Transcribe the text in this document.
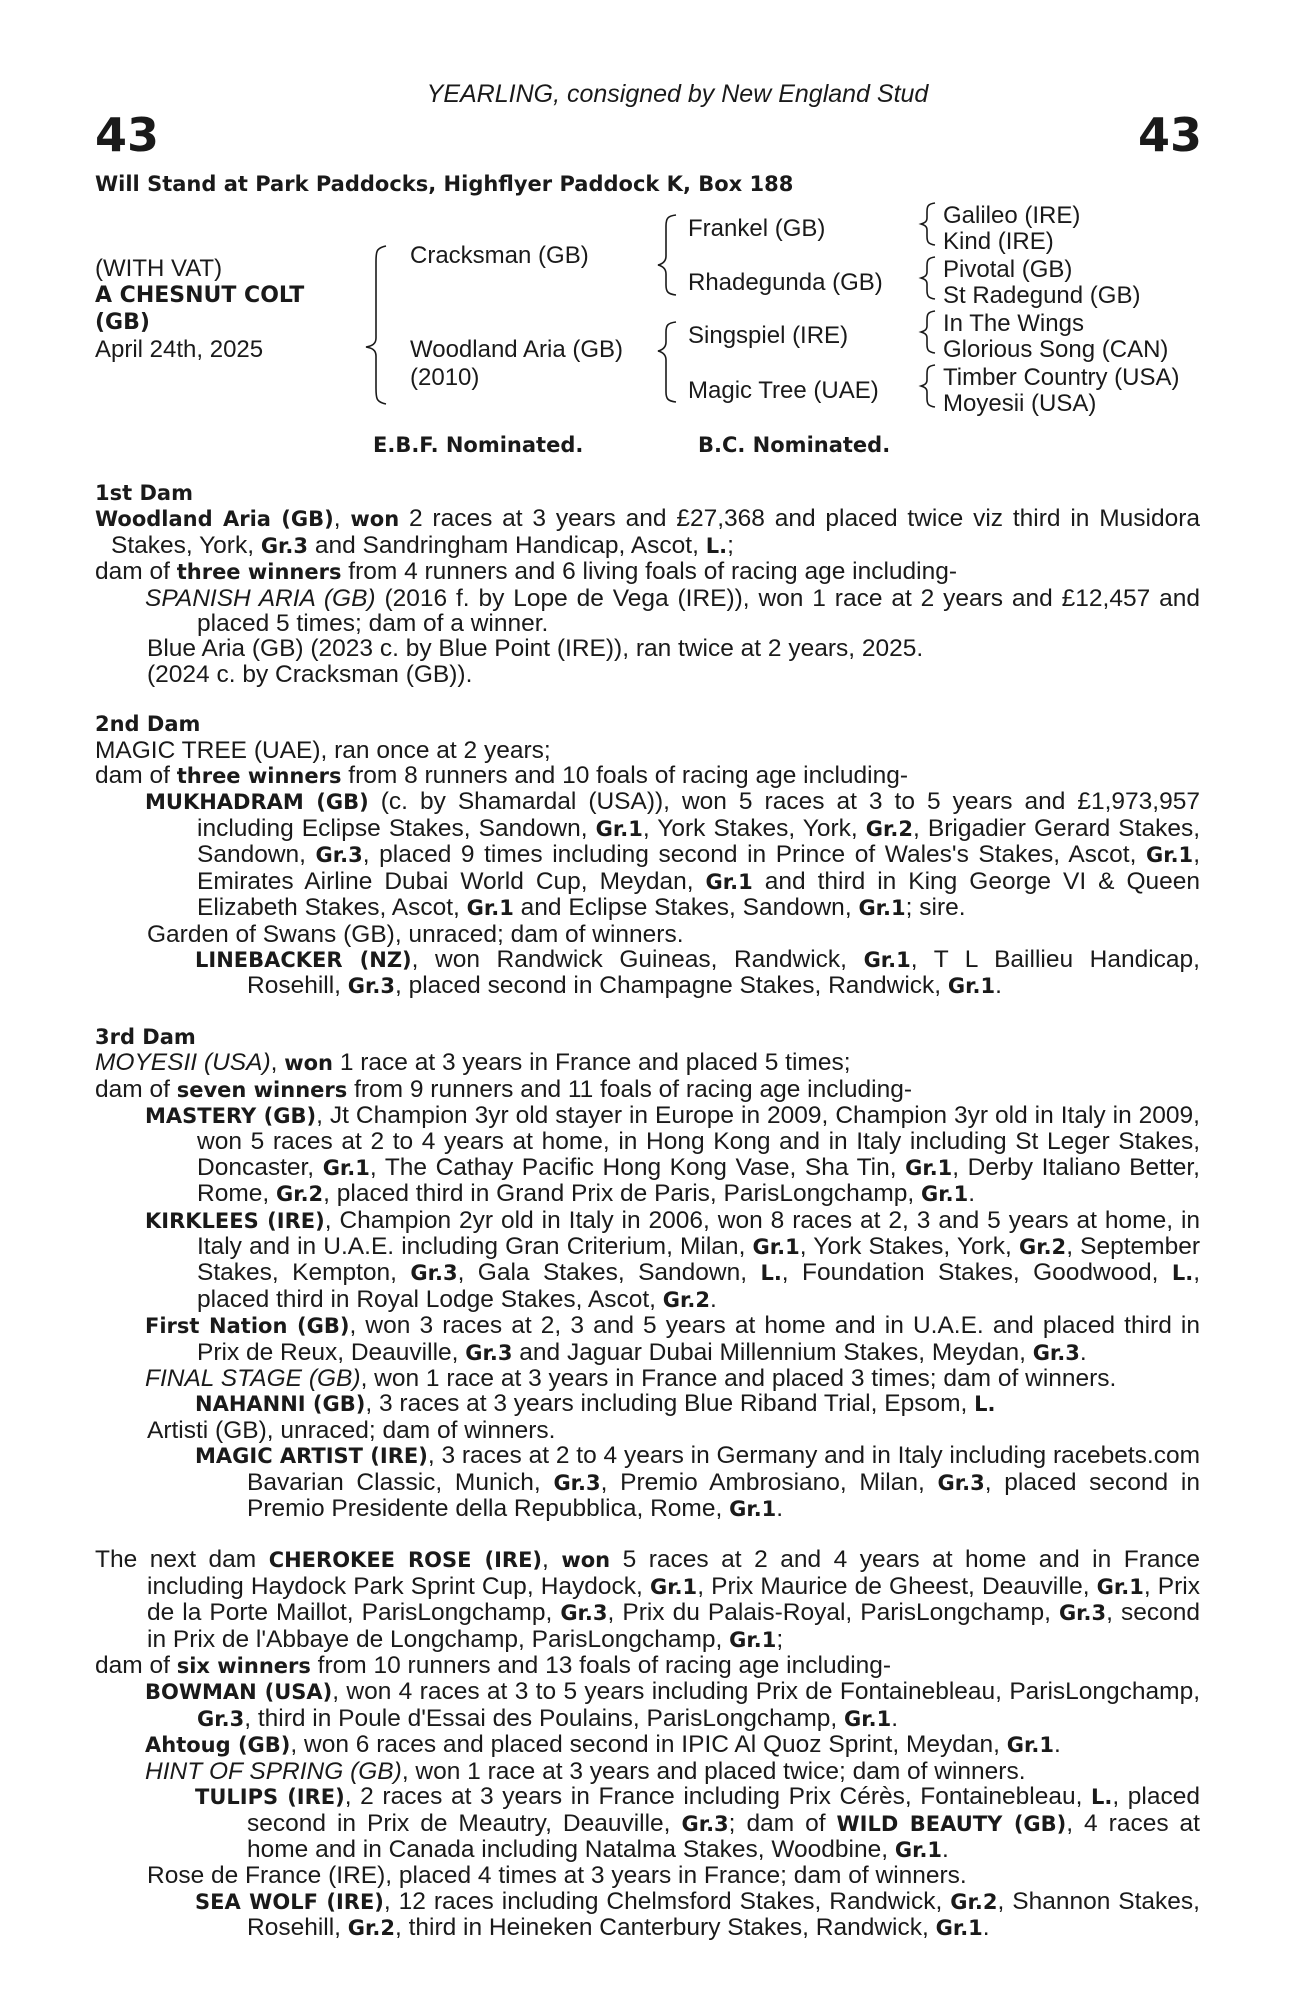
YEARLING, consigned by New England Stud
43	43
Will Stand at Park Paddocks, Highflyer Paddock K, Box 188
(WITH VAT)
A CHESNUT COLT
(GB)
April 24th, 2025
Cracksman (GB)
Woodland Aria (GB)
(2010)
Frankel (GB)
Rhadegunda (GB)
Singspiel (IRE)
Magic Tree (UAE)
Galileo (IRE)
Kind (IRE)
Pivotal (GB)
St Radegund (GB)
In The Wings
Glorious Song (CAN)
Timber Country (USA)
Moyesii (USA)
E.B.F. Nominated.	B.C. Nominated.
1st Dam
Woodland Aria (GB), won 2 races at 3 years and £27,368 and placed twice viz third in Musidora Stakes, York, Gr.3 and Sandringham Handicap, Ascot, L.;
dam of three winners from 4 runners and 6 living foals of racing age including-
SPANISH ARIA (GB) (2016 f. by Lope de Vega (IRE)), won 1 race at 2 years and £12,457 and placed 5 times; dam of a winner.
Blue Aria (GB) (2023 c. by Blue Point (IRE)), ran twice at 2 years, 2025.
(2024 c. by Cracksman (GB)).
2nd Dam
MAGIC TREE (UAE), ran once at 2 years;
dam of three winners from 8 runners and 10 foals of racing age including-
MUKHADRAM (GB) (c. by Shamardal (USA)), won 5 races at 3 to 5 years and £1,973,957 including Eclipse Stakes, Sandown, Gr.1, York Stakes, York, Gr.2, Brigadier Gerard Stakes, Sandown, Gr.3, placed 9 times including second in Prince of Wales's Stakes, Ascot, Gr.1, Emirates Airline Dubai World Cup, Meydan, Gr.1 and third in King George VI & Queen Elizabeth Stakes, Ascot, Gr.1 and Eclipse Stakes, Sandown, Gr.1; sire.
Garden of Swans (GB), unraced; dam of winners.
LINEBACKER (NZ), won Randwick Guineas, Randwick, Gr.1, T L Baillieu Handicap, Rosehill, Gr.3, placed second in Champagne Stakes, Randwick, Gr.1.
3rd Dam
MOYESII (USA), won 1 race at 3 years in France and placed 5 times;
dam of seven winners from 9 runners and 11 foals of racing age including-
MASTERY (GB), Jt Champion 3yr old stayer in Europe in 2009, Champion 3yr old in Italy in 2009, won 5 races at 2 to 4 years at home, in Hong Kong and in Italy including St Leger Stakes, Doncaster, Gr.1, The Cathay Pacific Hong Kong Vase, Sha Tin, Gr.1, Derby Italiano Better, Rome, Gr.2, placed third in Grand Prix de Paris, ParisLongchamp, Gr.1.
KIRKLEES (IRE), Champion 2yr old in Italy in 2006, won 8 races at 2, 3 and 5 years at home, in Italy and in U.A.E. including Gran Criterium, Milan, Gr.1, York Stakes, York, Gr.2, September Stakes, Kempton, Gr.3, Gala Stakes, Sandown, L., Foundation Stakes, Goodwood, L., placed third in Royal Lodge Stakes, Ascot, Gr.2.
First Nation (GB), won 3 races at 2, 3 and 5 years at home and in U.A.E. and placed third in Prix de Reux, Deauville, Gr.3 and Jaguar Dubai Millennium Stakes, Meydan, Gr.3.
FINAL STAGE (GB), won 1 race at 3 years in France and placed 3 times; dam of winners.
NAHANNI (GB), 3 races at 3 years including Blue Riband Trial, Epsom, L.
Artisti (GB), unraced; dam of winners.
MAGIC ARTIST (IRE), 3 races at 2 to 4 years in Germany and in Italy including racebets.com Bavarian Classic, Munich, Gr.3, Premio Ambrosiano, Milan, Gr.3, placed second in Premio Presidente della Repubblica, Rome, Gr.1.
The next dam CHEROKEE ROSE (IRE), won 5 races at 2 and 4 years at home and in France including Haydock Park Sprint Cup, Haydock, Gr.1, Prix Maurice de Gheest, Deauville, Gr.1, Prix de la Porte Maillot, ParisLongchamp, Gr.3, Prix du Palais-Royal, ParisLongchamp, Gr.3, second in Prix de l'Abbaye de Longchamp, ParisLongchamp, Gr.1;
dam of six winners from 10 runners and 13 foals of racing age including-
BOWMAN (USA), won 4 races at 3 to 5 years including Prix de Fontainebleau, ParisLongchamp, Gr.3, third in Poule d'Essai des Poulains, ParisLongchamp, Gr.1.
Ahtoug (GB), won 6 races and placed second in IPIC Al Quoz Sprint, Meydan, Gr.1.
HINT OF SPRING (GB), won 1 race at 3 years and placed twice; dam of winners.
TULIPS (IRE), 2 races at 3 years in France including Prix Cérès, Fontainebleau, L., placed second in Prix de Meautry, Deauville, Gr.3; dam of WILD BEAUTY (GB), 4 races at home and in Canada including Natalma Stakes, Woodbine, Gr.1.
Rose de France (IRE), placed 4 times at 3 years in France; dam of winners.
SEA WOLF (IRE), 12 races including Chelmsford Stakes, Randwick, Gr.2, Shannon Stakes, Rosehill, Gr.2, third in Heineken Canterbury Stakes, Randwick, Gr.1.
